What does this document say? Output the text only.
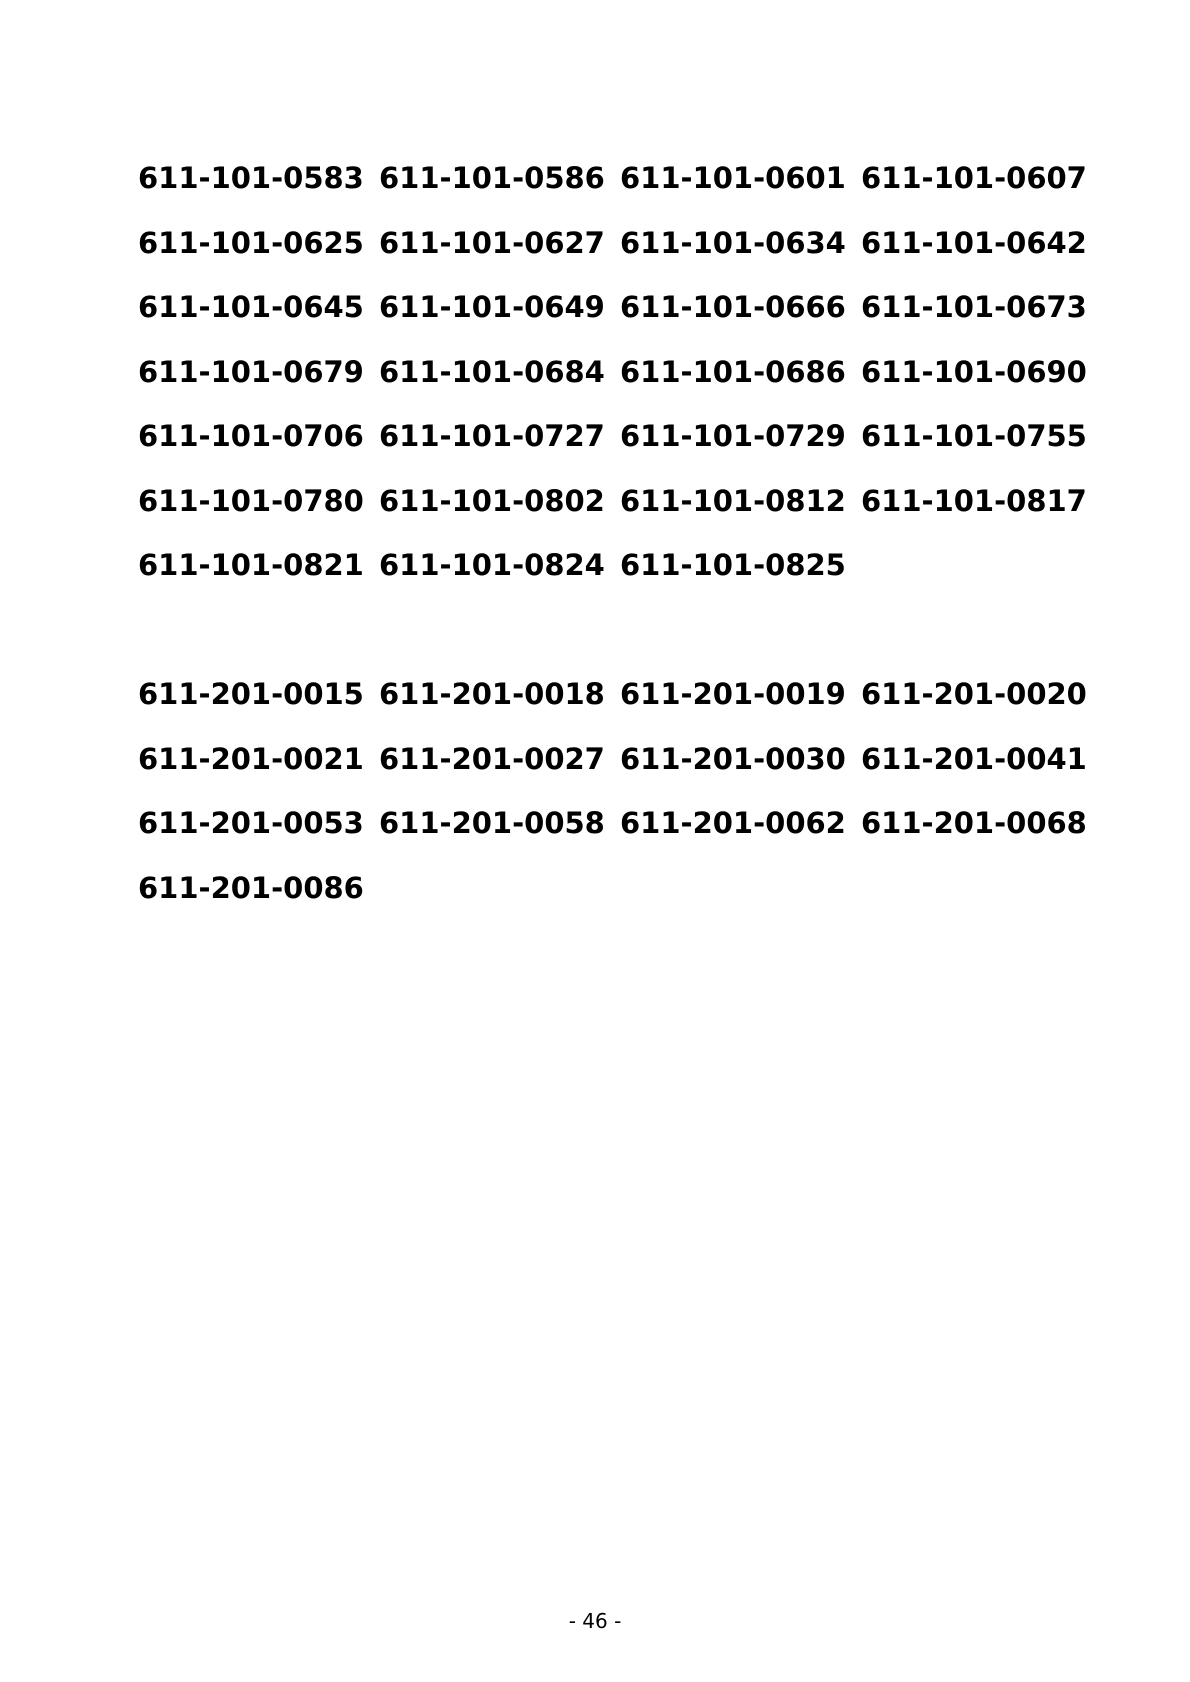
611-101-0583 611-101-0586 611-101-0601 611-101-0607
611-101-0625 611-101-0627 611-101-0634 611-101-0642
611-101-0645 611-101-0649 611-101-0666 611-101-0673
611-101-0679 611-101-0684 611-101-0686 611-101-0690
611-101-0706 611-101-0727 611-101-0729 611-101-0755
611-101-0780 611-101-0802 611-101-0812 611-101-0817
611-101-0821 611-101-0824 611-101-0825
611-201-0015 611-201-0018 611-201-0019 611-201-0020
611-201-0021 611-201-0027 611-201-0030 611-201-0041
611-201-0053 611-201-0058 611-201-0062 611-201-0068
611-201-0086
- 46 -
